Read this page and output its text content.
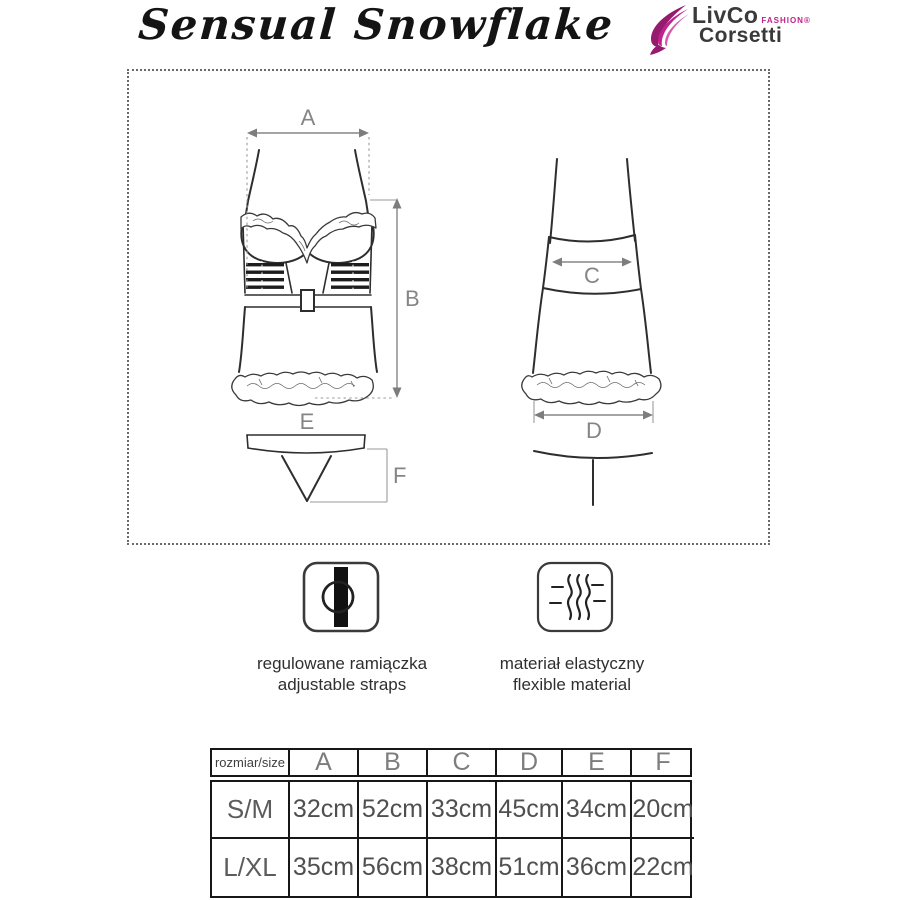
Sensual Snowflake	LivCo FASHION®
Corsetti
A
B
E
F
C
D
regulowane ramiączka
adjustable straps
materiał elastyczny
flexible material
rozmiar/size	A	B	C	D	E	F
S/M 32cm 52cm 33cm 45cm 34cm 20cm
L/XL 35cm 56cm 38cm 51cm 36cm 22cm
